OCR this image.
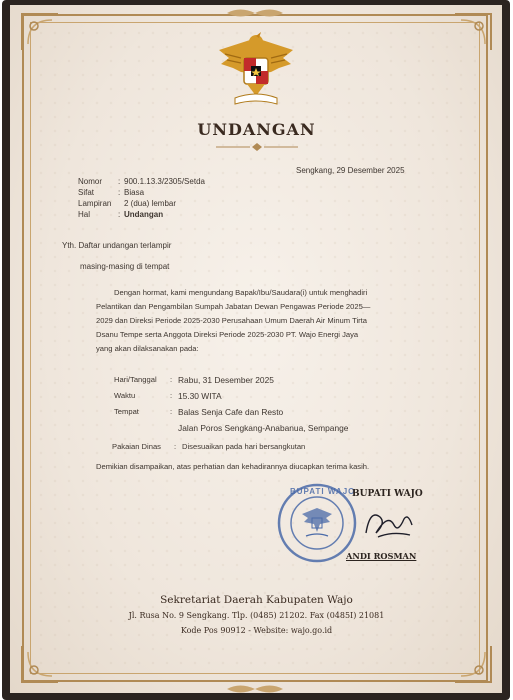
UNDANGAN
Sengkang, 29 Desember 2025
Nomor	: 900.1.13.3/2305/Setda
Sifat	: Biasa
Lampiran	2 (dua) lembar
Hal	: Undangan
Yth. Daftar undangan terlampir
masing-masing di tempat
Dengan hormat, kami mengundang Bapak/Ibu/Saudara(i) untuk menghadiri
Pelantikan dan Pengambilan Sumpah Jabatan Dewan Pengawas Periode 2025—
2029 dan Direksi Periode 2025-2030 Perusahaan Umum Daerah Air Minum Tirta
Dsanu Tempe serta Anggota Direksi Periode 2025-2030 PT. Wajo Energi Jaya
yang akan dilaksanakan pada:
Hari/Tanggal	: Rabu, 31 Desember 2025
Waktu	: 15.30 WITA
Tempat	: Balas Senja Cafe dan Resto
Jalan Poros Sengkang-Anabanua, Sempange
Pakaian Dinas	: Disesuaikan pada hari bersangkutan
Demikian disampaikan, atas perhatian dan kehadirannya diucapkan terima kasih.
BUPATI WAJO
BUPATI WAJO
ANDI ROSMAN
Sekretariat Daerah Kabupaten Wajo
Jl. Rusa No. 9 Sengkang. Tlp. (0485) 21202. Fax (0485I) 21081
Kode Pos 90912 - Website: wajo.go.id
